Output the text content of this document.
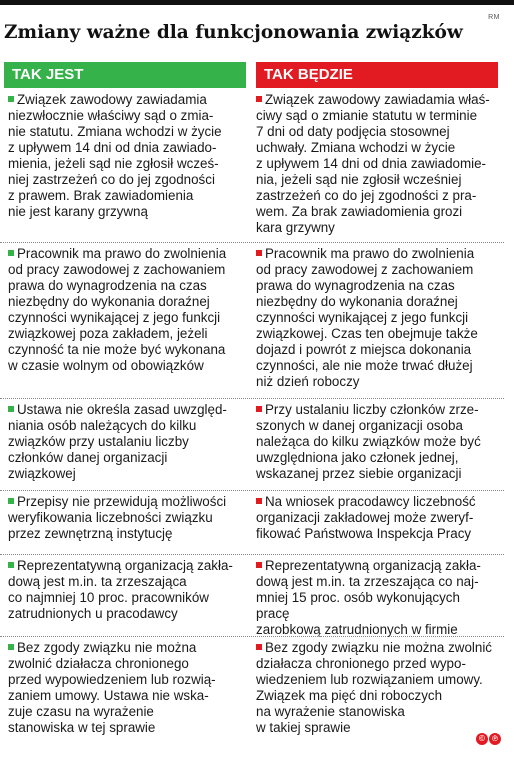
RM
Zmiany ważne dla funkcjonowania związków
TAK JEST	TAK BĘDZIE
Związek zawodowy zawiadamia
niezwłocznie właściwy sąd o zmia-
nie statutu. Zmiana wchodzi w życie
z upływem 14 dni od dnia zawiado-
mienia, jeżeli sąd nie zgłosił wcześ-
niej zastrzeżeń co do jej zgodności
z prawem. Brak zawiadomienia
nie jest karany grzywną
Związek zawodowy zawiadamia właś-
ciwy sąd o zmianie statutu w terminie
7 dni od daty podjęcia stosownej
uchwały. Zmiana wchodzi w życie
z upływem 14 dni od dnia zawiadomie-
nia, jeżeli sąd nie zgłosił wcześniej
zastrzeżeń co do jej zgodności z pra-
wem. Za brak zawiadomienia grozi
kara grzywny
Pracownik ma prawo do zwolnienia
od pracy zawodowej z zachowaniem
prawa do wynagrodzenia na czas
niezbędny do wykonania doraźnej
czynności wynikającej z jego funkcji
związkowej poza zakładem, jeżeli
czynność ta nie może być wykonana
w czasie wolnym od obowiązków
Pracownik ma prawo do zwolnienia
od pracy zawodowej z zachowaniem
prawa do wynagrodzenia na czas
niezbędny do wykonania doraźnej
czynności wynikającej z jego funkcji
związkowej. Czas ten obejmuje także
dojazd i powrót z miejsca dokonania
czynności, ale nie może trwać dłużej
niż dzień roboczy
Ustawa nie określa zasad uwzględ-
niania osób należących do kilku
związków przy ustalaniu liczby
członków danej organizacji
związkowej
Przy ustalaniu liczby członków zrze-
szonych w danej organizacji osoba
należąca do kilku związków może być
uwzględniona jako członek jednej,
wskazanej przez siebie organizacji
Przepisy nie przewidują możliwości
weryfikowania liczebności związku
przez zewnętrzną instytucję
Na wniosek pracodawcy liczebność
organizacji zakładowej może zweryf-
fikować Państwowa Inspekcja Pracy
Reprezentatywną organizacją zakła-
dową jest m.in. ta zrzeszająca
co najmniej 10 proc. pracowników
zatrudnionych u pracodawcy
Reprezentatywną organizacją zakła-
dową jest m.in. ta zrzeszająca co naj-
mniej 15 proc. osób wykonujących pracę
zarobkową zatrudnionych w firmie
Bez zgody związku nie można
zwolnić działacza chronionego
przed wypowiedzeniem lub rozwią-
zaniem umowy. Ustawa nie wska-
zuje czasu na wyrażenie
stanowiska w tej sprawie
Bez zgody związku nie można zwolnić
działacza chronionego przed wypo-
wiedzeniem lub rozwiązaniem umowy.
Związek ma pięć dni roboczych
na wyrażenie stanowiska
w takiej sprawie
© ℗
